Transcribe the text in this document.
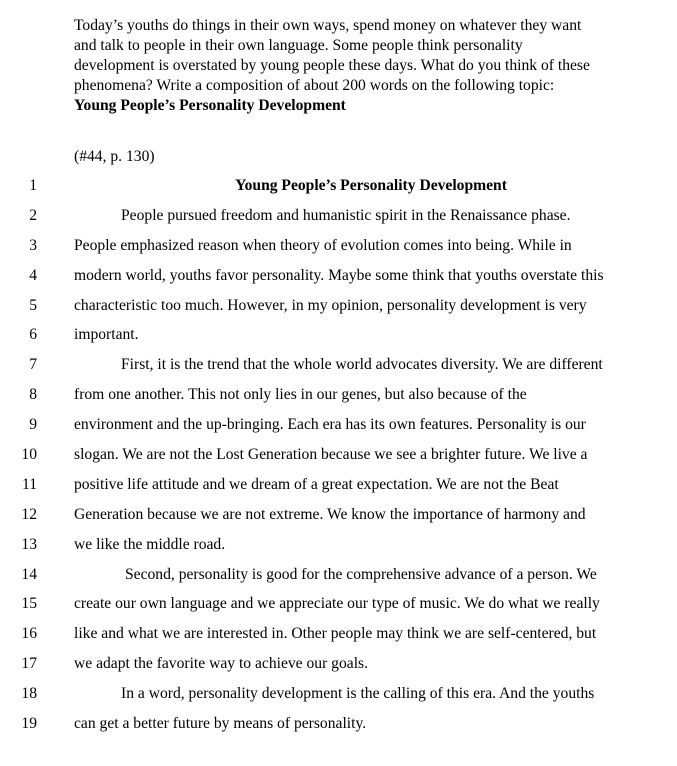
Today’s youths do things in their own ways, spend money on whatever they want
and talk to people in their own language. Some people think personality
development is overstated by young people these days. What do you think of these
phenomena? Write a composition of about 200 words on the following topic:
Young People’s Personality Development
(#44, p. 130)
1	Young People’s Personality Development
2	People pursued freedom and humanistic spirit in the Renaissance phase.
3 People emphasized reason when theory of evolution comes into being. While in
4 modern world, youths favor personality. Maybe some think that youths overstate this
5 characteristic too much. However, in my opinion, personality development is very
6 important.
7	First, it is the trend that the whole world advocates diversity. We are different
8 from one another. This not only lies in our genes, but also because of the
9 environment and the up-bringing. Each era has its own features. Personality is our
10 slogan. We are not the Lost Generation because we see a brighter future. We live a
11 positive life attitude and we dream of a great expectation. We are not the Beat
12 Generation because we are not extreme. We know the importance of harmony and
13 we like the middle road.
14	Second, personality is good for the comprehensive advance of a person. We
15 create our own language and we appreciate our type of music. We do what we really
16 like and what we are interested in. Other people may think we are self-centered, but
17 we adapt the favorite way to achieve our goals.
18	In a word, personality development is the calling of this era. And the youths
19 can get a better future by means of personality.
